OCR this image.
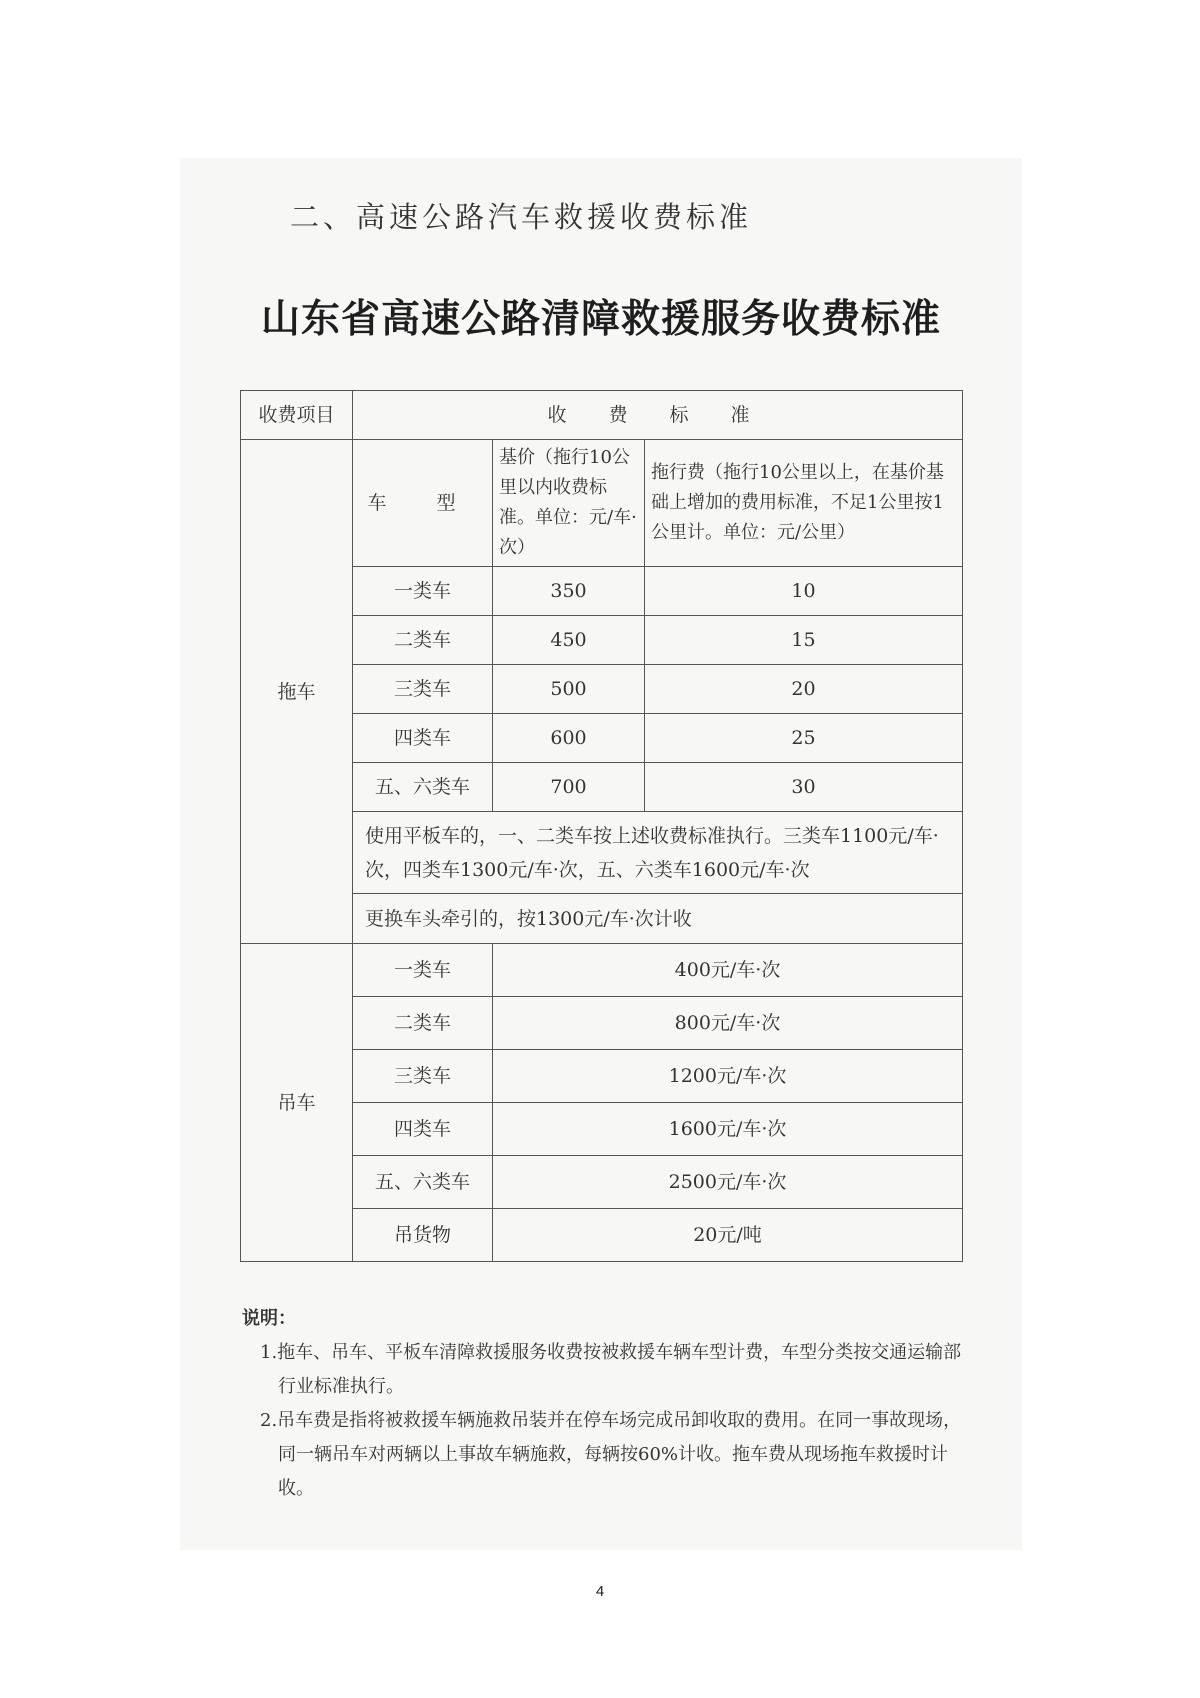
二、高速公路汽车救援收费标准
山东省高速公路清障救援服务收费标准
收费项目	收 费 标 准		
拖车	车 型	基价（拖行10公里以内收费标准。单位：元/车·次）	拖行费（拖行10公里以上，在基价基础上增加的费用标准，不足1公里按1公里计。单位：元/公里）
	一类车	350	10
	二类车	450	15
	三类车	500	20
	四类车	600	25
	五、六类车	700	30
	使用平板车的，一、二类车按上述收费标准执行。三类车1100元/车·次，四类车1300元/车·次，五、六类车1600元/车·次		
	更换车头牵引的，按1300元/车·次计收		
吊车	一类车	400元/车·次	
	二类车	800元/车·次	
	三类车	1200元/车·次	
	四类车	1600元/车·次	
	五、六类车	2500元/车·次	
	吊货物	20元/吨	
说明：
1.拖车、吊车、平板车清障救援服务收费按被救援车辆车型计费，车型分类按交通运输部行业标准执行。
2.吊车费是指将被救援车辆施救吊装并在停车场完成吊卸收取的费用。在同一事故现场，同一辆吊车对两辆以上事故车辆施救，每辆按60%计收。拖车费从现场拖车救援时计收。
4
